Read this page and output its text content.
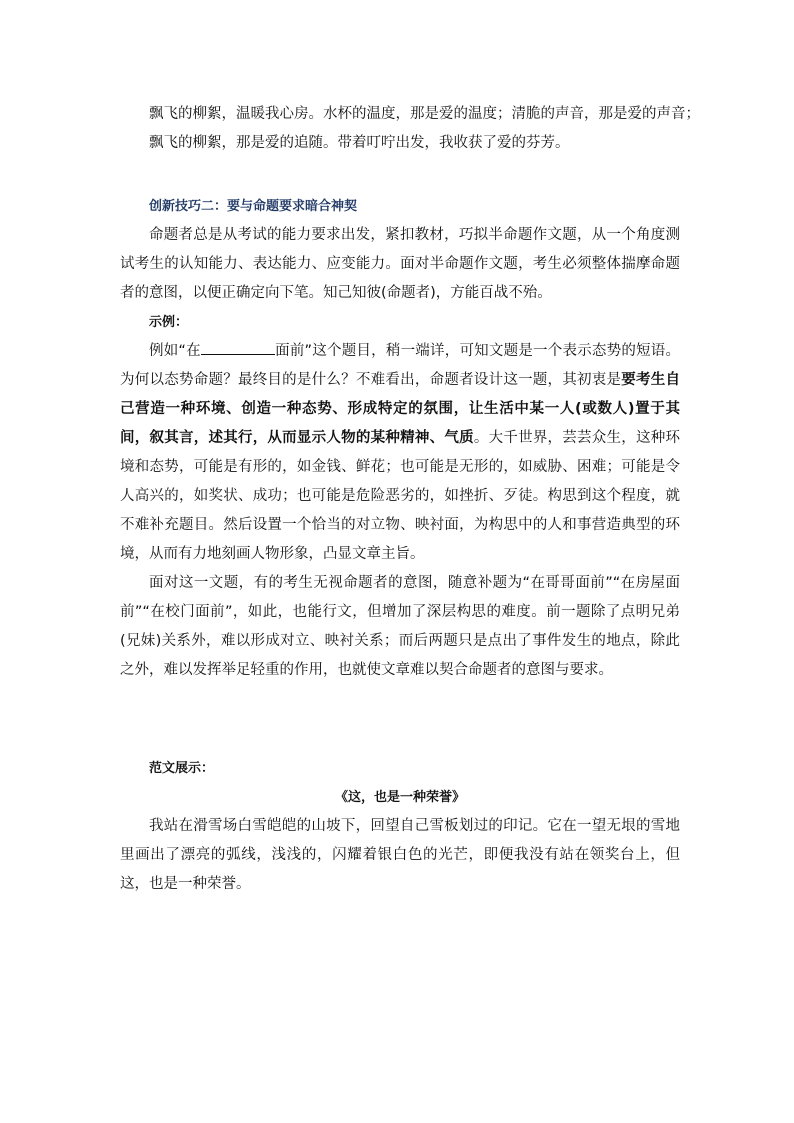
飘飞的柳絮，温暖我心房。水杯的温度，那是爱的温度；清脆的声音，那是爱的声音；

飘飞的柳絮，那是爱的追随。带着叮咛出发，我收获了爱的芬芳。

创新技巧二：要与命题要求暗合神契

命题者总是从考试的能力要求出发，紧扣教材，巧拟半命题作文题，从一个角度测试考生的认知能力、表达能力、应变能力。面对半命题作文题，考生必须整体揣摩命题者的意图，以便正确定向下笔。知己知彼(命题者)，方能百战不殆。

示例：

例如“在	面前”这个题目，稍一端详，可知文题是一个表示态势的短语。为何以态势命题？最终目的是什么？不难看出，命题者设计这一题，其初衷是要考生自己营造一种环境、创造一种态势、形成特定的氛围，让生活中某一人(或数人)置于其间，叙其言，述其行，从而显示人物的某种精神、气质。大千世界，芸芸众生，这种环境和态势，可能是有形的，如金钱、鲜花；也可能是无形的，如威胁、困难；可能是令人高兴的，如奖状、成功；也可能是危险恶劣的，如挫折、歹徒。构思到这个程度，就不难补充题目。然后设置一个恰当的对立物、映衬面，为构思中的人和事营造典型的环境，从而有力地刻画人物形象，凸显文章主旨。

面对这一文题，有的考生无视命题者的意图，随意补题为“在哥哥面前”“在房屋面前”“在校门面前”，如此，也能行文，但增加了深层构思的难度。前一题除了点明兄弟(兄妹)关系外，难以形成对立、映衬关系；而后两题只是点出了事件发生的地点，除此之外，难以发挥举足轻重的作用，也就使文章难以契合命题者的意图与要求。

范文展示：

《这，也是一种荣誉》

我站在滑雪场白雪皑皑的山坡下，回望自己雪板划过的印记。它在一望无垠的雪地里画出了漂亮的弧线，浅浅的，闪耀着银白色的光芒，即便我没有站在领奖台上，但这，也是一种荣誉。
